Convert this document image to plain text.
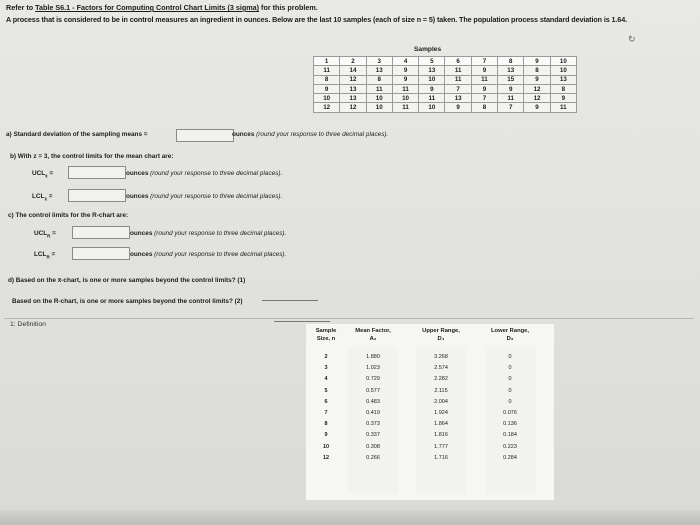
Refer to Table S6.1 - Factors for Computing Control Chart Limits (3 sigma) for this problem.
A process that is considered to be in control measures an ingredient in ounces. Below are the last 10 samples (each of size n = 5) taken. The population process standard deviation is 1.64.
↻
Samples
1	2	3	4	5	6	7	8	9	10
11	14	13	9	13	11	9	13	8	10
8	12	8	9	10	11	11	15	9	13
9	13	11	11	9	7	9	9	12	8
10	13	10	10	11	13	7	11	12	9
12	12	10	11	10	9	8	7	9	11
a) Standard deviation of the sampling means =	ounces (round your response to three decimal places).
b) With z = 3, the control limits for the mean chart are:
$UCL_{x̄}$ =	ounces (round your response to three decimal places).
$LCL_{x̄}$ =	ounces (round your response to three decimal places).
c) The control limits for the R-chart are:
$UCL_R$ =	ounces (round your response to three decimal places).
$LCL_R$ =	ounces (round your response to three decimal places).
d) Based on the x̄-chart, is one or more samples beyond the control limits? (1)
Based on the R-chart, is one or more samples beyond the control limits? (2)
1: Definition
Sample
Size, n
Mean Factor,
A₂
Upper Range,
D₄
Lower Range,
D₃
2	1.880	3.268	0
3	1.023	2.574	0
4	0.729	2.282	0
5	0.577	2.115	0
6	0.483	2.004	0
7	0.419	1.924	0.076
8	0.373	1.864	0.136
9	0.337	1.816	0.184
10	0.308	1.777	0.223
12	0.266	1.716	0.284
